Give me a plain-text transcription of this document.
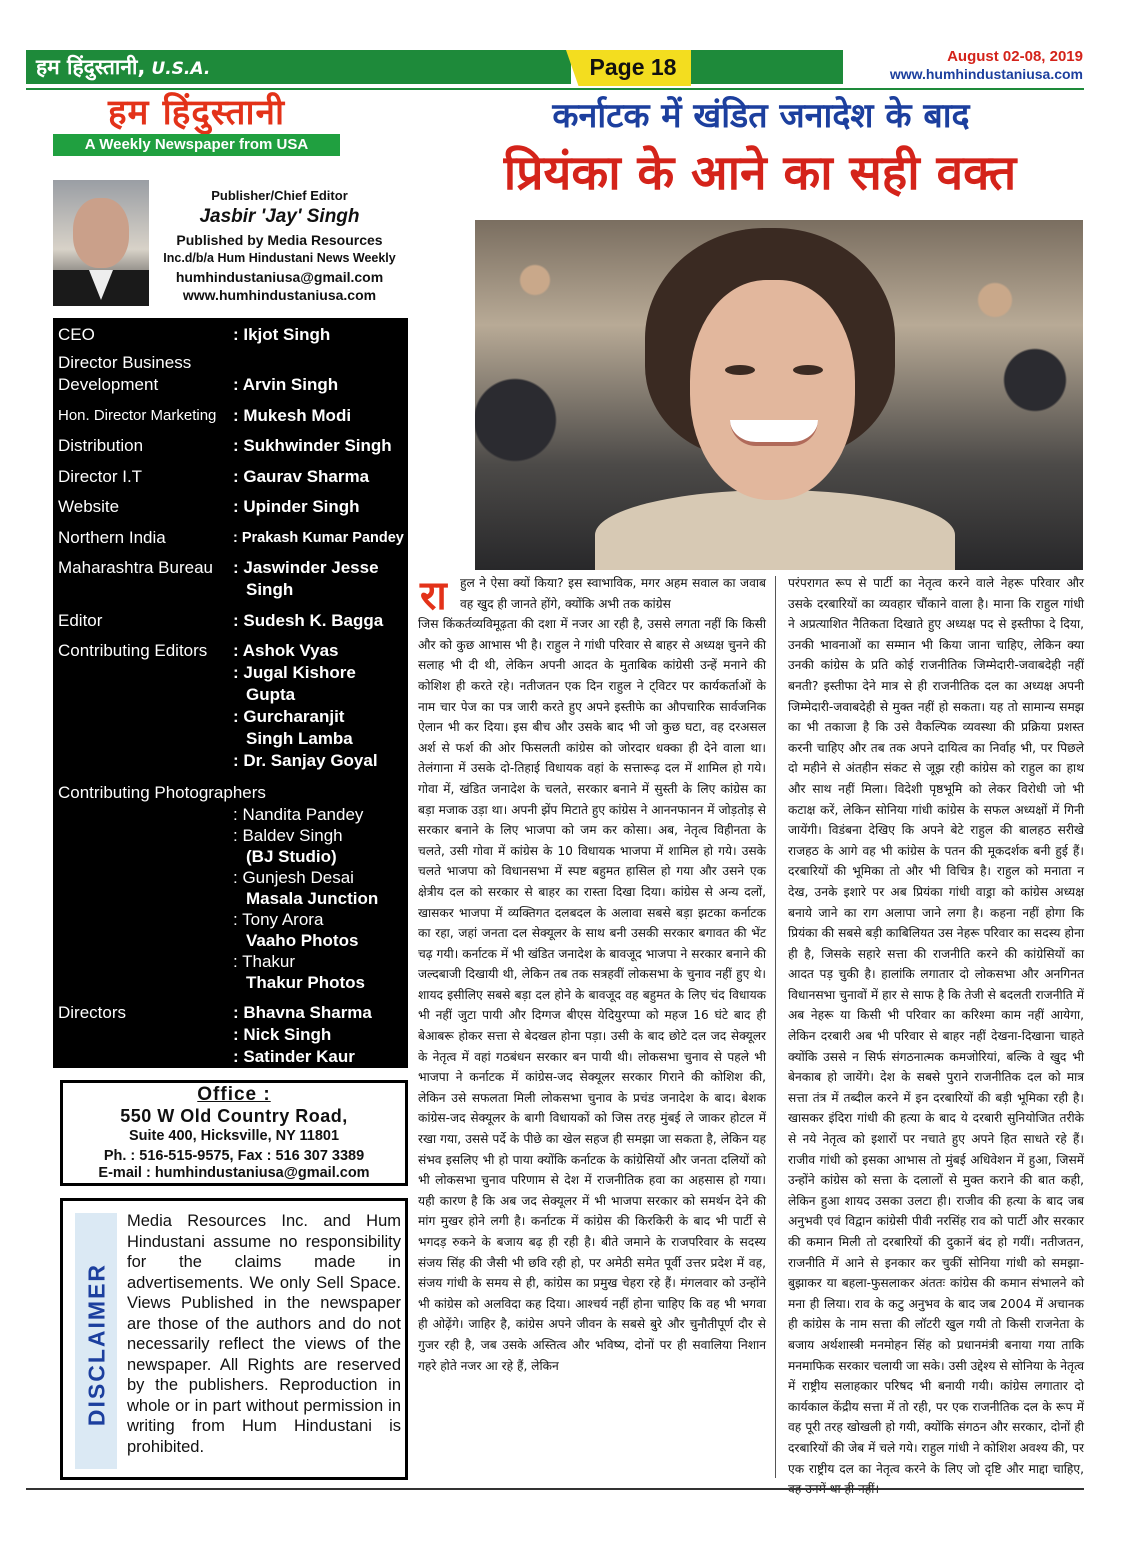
हम हिंदुस्तानी, U.S.A.	Page 18	August 02-08, 2019
www.humhindustaniusa.com
हम हिंदुस्तानी
A Weekly Newspaper from USA
Publisher/Chief Editor
Jasbir 'Jay' Singh
Published by Media Resources
Inc.d/b/a Hum Hindustani News Weekly
humhindustaniusa@gmail.com
www.humhindustaniusa.com
CEO	: Ikjot Singh
Director Business Development	: Arvin Singh
Hon. Director Marketing : Mukesh Modi
Distribution	: Sukhwinder Singh
Director I.T	: Gaurav Sharma
Website	: Upinder Singh
Northern India	: Prakash Kumar Pandey
Maharashtra Bureau	: Jaswinder Jesse
Singh
Editor	: Sudesh K. Bagga
Contributing Editors	: Ashok Vyas
: Jugal Kishore
Gupta
: Gurcharanjit
Singh Lamba
: Dr. Sanjay Goyal
Contributing Photographers
: Nandita Pandey
: Baldev Singh
(BJ Studio)
: Gunjesh Desai
Masala Junction
: Tony Arora
Vaaho Photos
: Thakur
Thakur Photos
Directors	: Bhavna Sharma
: Nick Singh
: Satinder Kaur
Office :
550 W Old Country Road,
Suite 400, Hicksville, NY 11801
Ph. : 516-515-9575, Fax : 516 307 3389
E-mail : humhindustaniusa@gmail.com
DISCLAIMER
Media Resources Inc. and Hum Hindustani assume no responsibility for the claims made in advertisements. We only Sell Space. Views Published in the newspaper are those of the authors and do not necessarily reflect the views of the newspaper. All Rights are reserved by the publishers. Reproduction in whole or in part without permission in writing from Hum Hindustani is prohibited.
कर्नाटक में खंडित जनादेश के बाद
प्रियंका के आने का सही वक्त
रा	हुल ने ऐसा क्यों किया? इस स्वाभाविक, मगर अहम सवाल का जवाब वह खुद ही जानते होंगे, क्योंकि अभी तक कांग्रेस
जिस किंकर्तव्यविमूढ़ता की दशा में नजर आ रही है, उससे लगता नहीं कि किसी और को कुछ आभास भी है। राहुल ने गांधी परिवार से बाहर से अध्यक्ष चुनने की सलाह भी दी थी, लेकिन अपनी आदत के मुताबिक कांग्रेसी उन्हें मनाने की कोशिश ही करते रहे। नतीजतन एक दिन राहुल ने ट्विटर पर कार्यकर्ताओं के नाम चार पेज का पत्र जारी करते हुए अपने इस्तीफे का औपचारिक सार्वजनिक ऐलान भी कर दिया। इस बीच और उसके बाद भी जो कुछ घटा, वह दरअसल अर्श से फर्श की ओर फिसलती कांग्रेस को जोरदार धक्का ही देने वाला था। तेलंगाना में उसके दो-तिहाई विधायक वहां के सत्तारूढ़ दल में शामिल हो गये। गोवा में, खंडित जनादेश के चलते, सरकार बनाने में सुस्ती के लिए कांग्रेस का बड़ा मजाक उड़ा था। अपनी झेंप मिटाते हुए कांग्रेस ने आननफानन में जोड़तोड़ से सरकार बनाने के लिए भाजपा को जम कर कोसा। अब, नेतृत्व विहीनता के चलते, उसी गोवा में कांग्रेस के 10 विधायक भाजपा में शामिल हो गये। उसके चलते भाजपा को विधानसभा में स्पष्ट बहुमत हासिल हो गया और उसने एक क्षेत्रीय दल को सरकार से बाहर का रास्ता दिखा दिया। कांग्रेस से अन्य दलों, खासकर भाजपा में व्यक्तिगत दलबदल के अलावा सबसे बड़ा झटका कर्नाटक का रहा, जहां जनता दल सेक्यूलर के साथ बनी उसकी सरकार बगावत की भेंट चढ़ गयी। कर्नाटक में भी खंडित जनादेश के बावजूद भाजपा ने सरकार बनाने की जल्दबाजी दिखायी थी, लेकिन तब तक सत्रहवीं लोकसभा के चुनाव नहीं हुए थे। शायद इसीलिए सबसे बड़ा दल होने के बावजूद वह बहुमत के लिए चंद विधायक भी नहीं जुटा पायी और दिग्गज बीएस येदियुरप्पा को महज 16 घंटे बाद ही बेआबरू होकर सत्ता से बेदखल होना पड़ा। उसी के बाद छोटे दल जद सेक्यूलर के नेतृत्व में वहां गठबंधन सरकार बन पायी थी। लोकसभा चुनाव से पहले भी भाजपा ने कर्नाटक में कांग्रेस-जद सेक्यूलर सरकार गिराने की कोशिश की, लेकिन उसे सफलता मिली लोकसभा चुनाव के प्रचंड जनादेश के बाद। बेशक कांग्रेस-जद सेक्यूलर के बागी विधायकों को जिस तरह मुंबई ले जाकर होटल में रखा गया, उससे पर्दे के पीछे का खेल सहज ही समझा जा सकता है, लेकिन यह संभव इसलिए भी हो पाया क्योंकि कर्नाटक के कांग्रेसियों और जनता दलियों को भी लोकसभा चुनाव परिणाम से देश में राजनीतिक हवा का अहसास हो गया। यही कारण है कि अब जद सेक्यूलर में भी भाजपा सरकार को समर्थन देने की मांग मुखर होने लगी है। कर्नाटक में कांग्रेस की किरकिरी के बाद भी पार्टी से भगदड़ रुकने के बजाय बढ़ ही रही है। बीते जमाने के राजपरिवार के सदस्य संजय सिंह की जैसी भी छवि रही हो, पर अमेठी समेत पूर्वी उत्तर प्रदेश में वह, संजय गांधी के समय से ही, कांग्रेस का प्रमुख चेहरा रहे हैं। मंगलवार को उन्होंने भी कांग्रेस को अलविदा कह दिया। आश्चर्य नहीं होना चाहिए कि वह भी भगवा ही ओढ़ेंगे। जाहिर है, कांग्रेस अपने जीवन के सबसे बुरे और चुनौतीपूर्ण दौर से गुजर रही है, जब उसके अस्तित्व और भविष्य, दोनों पर ही सवालिया निशान गहरे होते नजर आ रहे हैं, लेकिन
परंपरागत रूप से पार्टी का नेतृत्व करने वाले नेहरू परिवार और उसके दरबारियों का व्यवहार चौंकाने वाला है। माना कि राहुल गांधी ने अप्रत्याशित नैतिकता दिखाते हुए अध्यक्ष पद से इस्तीफा दे दिया, उनकी भावनाओं का सम्मान भी किया जाना चाहिए, लेकिन क्या उनकी कांग्रेस के प्रति कोई राजनीतिक जिम्मेदारी-जवाबदेही नहीं बनती? इस्तीफा देने मात्र से ही राजनीतिक दल का अध्यक्ष अपनी जिम्मेदारी-जवाबदेही से मुक्त नहीं हो सकता। यह तो सामान्य समझ का भी तकाजा है कि उसे वैकल्पिक व्यवस्था की प्रक्रिया प्रशस्त करनी चाहिए और तब तक अपने दायित्व का निर्वाह भी, पर पिछले दो महीने से अंतहीन संकट से जूझ रही कांग्रेस को राहुल का हाथ और साथ नहीं मिला। विदेशी पृष्ठभूमि को लेकर विरोधी जो भी कटाक्ष करें, लेकिन सोनिया गांधी कांग्रेस के सफल अध्यक्षों में गिनी जायेंगी। विडंबना देखिए कि अपने बेटे राहुल की बालहठ सरीखे राजहठ के आगे वह भी कांग्रेस के पतन की मूकदर्शक बनी हुई हैं। दरबारियों की भूमिका तो और भी विचित्र है। राहुल को मनाता न देख, उनके इशारे पर अब प्रियंका गांधी वाड्रा को कांग्रेस अध्यक्ष बनाये जाने का राग अलापा जाने लगा है। कहना नहीं होगा कि प्रियंका की सबसे बड़ी काबिलियत उस नेहरू परिवार का सदस्य होना ही है, जिसके सहारे सत्ता की राजनीति करने की कांग्रेसियों का आदत पड़ चुकी है। हालांकि लगातार दो लोकसभा और अनगिनत विधानसभा चुनावों में हार से साफ है कि तेजी से बदलती राजनीति में अब नेहरू या किसी भी परिवार का करिश्मा काम नहीं आयेगा, लेकिन दरबारी अब भी परिवार से बाहर नहीं देखना-दिखाना चाहते क्योंकि उससे न सिर्फ संगठनात्मक कमजोरियां, बल्कि वे खुद भी बेनकाब हो जायेंगे। देश के सबसे पुराने राजनीतिक दल को मात्र सत्ता तंत्र में तब्दील करने में इन दरबारियों की बड़ी भूमिका रही है। खासकर इंदिरा गांधी की हत्या के बाद ये दरबारी सुनियोजित तरीके से नये नेतृत्व को इशारों पर नचाते हुए अपने हित साधते रहे हैं। राजीव गांधी को इसका आभास तो मुंबई अधिवेशन में हुआ, जिसमें उन्होंने कांग्रेस को सत्ता के दलालों से मुक्त कराने की बात कही, लेकिन हुआ शायद उसका उलटा ही। राजीव की हत्या के बाद जब अनुभवी एवं विद्वान कांग्रेसी पीवी नरसिंह राव को पार्टी और सरकार की कमान मिली तो दरबारियों की दुकानें बंद हो गयीं। नतीजतन, राजनीति में आने से इनकार कर चुकीं सोनिया गांधी को समझा-बुझाकर या बहला-फुसलाकर अंततः कांग्रेस की कमान संभालने को मना ही लिया। राव के कटु अनुभव के बाद जब 2004 में अचानक ही कांग्रेस के नाम सत्ता की लॉटरी खुल गयी तो किसी राजनेता के बजाय अर्थशास्त्री मनमोहन सिंह को प्रधानमंत्री बनाया गया ताकि मनमाफिक सरकार चलायी जा सके। उसी उद्देश्य से सोनिया के नेतृत्व में राष्ट्रीय सलाहकार परिषद भी बनायी गयी। कांग्रेस लगातार दो कार्यकाल केंद्रीय सत्ता में तो रही, पर एक राजनीतिक दल के रूप में वह पूरी तरह खोखली हो गयी, क्योंकि संगठन और सरकार, दोनों ही दरबारियों की जेब में चले गये। राहुल गांधी ने कोशिश अवश्य की, पर एक राष्ट्रीय दल का नेतृत्व करने के लिए जो दृष्टि और माद्दा चाहिए,
